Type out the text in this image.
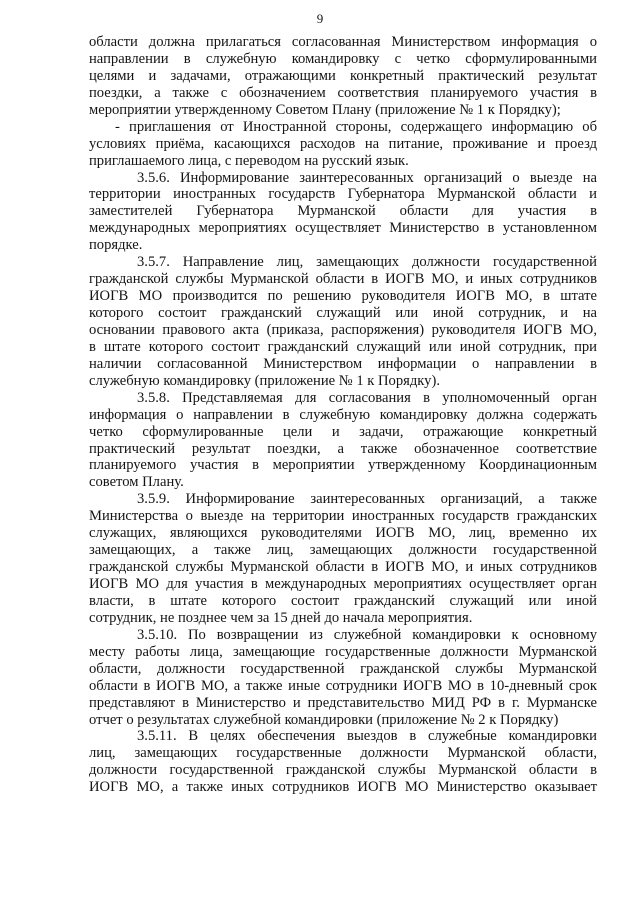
9
области должна прилагаться согласованная Министерством информация о
направлении в служебную командировку с четко сформулированными
целями и задачами, отражающими конкретный практический результат
поездки, а также с обозначением соответствия планируемого участия в
мероприятии утвержденному Советом Плану (приложение № 1 к Порядку);
- приглашения от Иностранной стороны, содержащего информацию об
условиях приёма, касающихся расходов на питание, проживание и проезд
приглашаемого лица, с переводом на русский язык.
3.5.6. Информирование заинтересованных организаций о выезде на
территории иностранных государств Губернатора Мурманской области и
заместителей Губернатора Мурманской области для участия в
международных мероприятиях осуществляет Министерство в установленном
порядке.
3.5.7. Направление лиц, замещающих должности государственной
гражданской службы Мурманской области в ИОГВ МО, и иных сотрудников
ИОГВ МО производится по решению руководителя ИОГВ МО, в штате
которого состоит гражданский служащий или иной сотрудник, и на
основании правового акта (приказа, распоряжения) руководителя ИОГВ МО,
в штате которого состоит гражданский служащий или иной сотрудник, при
наличии согласованной Министерством информации о направлении в
служебную командировку (приложение № 1 к Порядку).
3.5.8. Представляемая для согласования в уполномоченный орган
информация о направлении в служебную командировку должна содержать
четко сформулированные цели и задачи, отражающие конкретный
практический результат поездки, а также обозначенное соответствие
планируемого участия в мероприятии утвержденному Координационным
советом Плану.
3.5.9. Информирование заинтересованных организаций, а также
Министерства о выезде на территории иностранных государств гражданских
служащих, являющихся руководителями ИОГВ МО, лиц, временно их
замещающих, а также лиц, замещающих должности государственной
гражданской службы Мурманской области в ИОГВ МО, и иных сотрудников
ИОГВ МО для участия в международных мероприятиях осуществляет орган
власти, в штате которого состоит гражданский служащий или иной
сотрудник, не позднее чем за 15 дней до начала мероприятия.
3.5.10. По возвращении из служебной командировки к основному
месту работы лица, замещающие государственные должности Мурманской
области, должности государственной гражданской службы Мурманской
области в ИОГВ МО, а также иные сотрудники ИОГВ МО в 10-дневный срок
представляют в Министерство и представительство МИД РФ в г. Мурманске
отчет о результатах служебной командировки (приложение № 2 к Порядку)
3.5.11. В целях обеспечения выездов в служебные командировки
лиц, замещающих государственные должности Мурманской области,
должности государственной гражданской службы Мурманской области в
ИОГВ МО, а также иных сотрудников ИОГВ МО Министерство оказывает
